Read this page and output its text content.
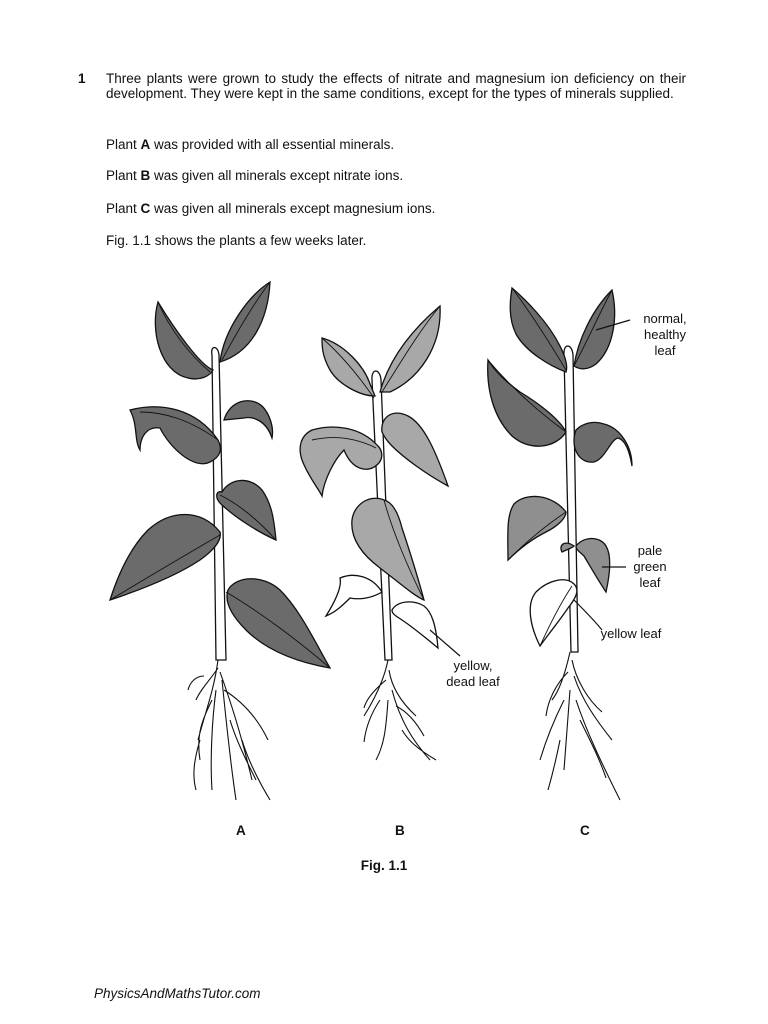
1 Three plants were grown to study the effects of nitrate and magnesium ion deficiency on their development. They were kept in the same conditions, except for the types of minerals supplied.
Plant A was provided with all essential minerals.
Plant B was given all minerals except nitrate ions.
Plant C was given all minerals except magnesium ions.
Fig. 1.1 shows the plants a few weeks later.
normal,
healthy
leaf
pale
green
leaf
yellow leaf
yellow,
dead leaf
A	B	C
Fig. 1.1
PhysicsAndMathsTutor.com
